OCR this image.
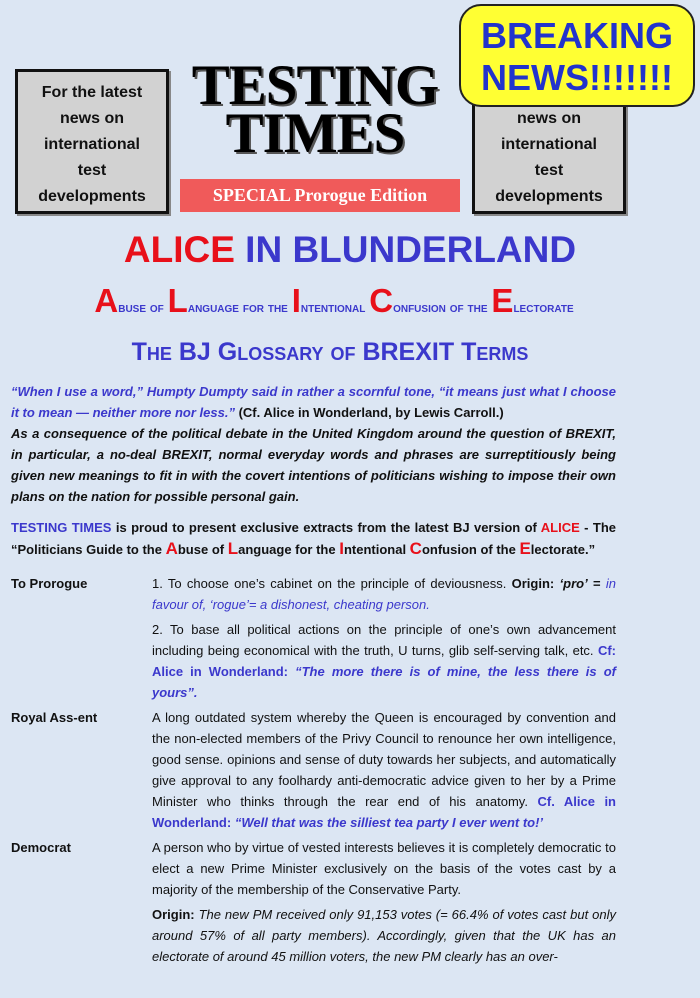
For the latest
news on
international
test
developments
news on
international
test
developments
TESTING
TIMES
SPECIAL Prorogue Edition
BREAKING
NEWS!!!!!!!
ALICE IN BLUNDERLAND
Abuse of Language for the Intentional Confusion of the Electorate
The BJ Glossary of BREXIT Terms
“When I use a word,” Humpty Dumpty said in rather a scornful tone, “it means just what I choose it to mean — neither more nor less.” (Cf. Alice in Wonderland, by Lewis Carroll.)
As a consequence of the political debate in the United Kingdom around the question of BREXIT, in particular, a no-deal BREXIT, normal everyday words and phrases are surreptitiously being given new meanings to fit in with the covert intentions of politicians wishing to impose their own plans on the nation for possible personal gain.
TESTING TIMES is proud to present exclusive extracts from the latest BJ version of ALICE - The “Politicians Guide to the Abuse of Language for the Intentional Confusion of the Electorate.”
To Prorogue	1. To choose one’s cabinet on the principle of deviousness. Origin: ‘pro’ = in favour of, ‘rogue’= a dishonest, cheating person.

2. To base all political actions on the principle of one’s own advancement including being economical with the truth, U turns, glib self-serving talk, etc. Cf: Alice in Wonderland: “The more there is of mine, the less there is of yours”.

Royal Ass-ent	A long outdated system whereby the Queen is encouraged by convention and the non-elected members of the Privy Council to renounce her own intelligence, good sense. opinions and sense of duty towards her subjects, and automatically give approval to any foolhardy anti-democratic advice given to her by a Prime Minister who thinks through the rear end of his anatomy. Cf. Alice in Wonderland: “Well that was the silliest tea party I ever went to!’

Democrat	A person who by virtue of vested interests believes it is completely democratic to elect a new Prime Minister exclusively on the basis of the votes cast by a majority of the membership of the Conservative Party.

Origin: The new PM received only 91,153 votes (= 66.4% of votes cast but only around 57% of all party members). Accordingly, given that the UK has an electorate of around 45 million voters, the new PM clearly has an over-
